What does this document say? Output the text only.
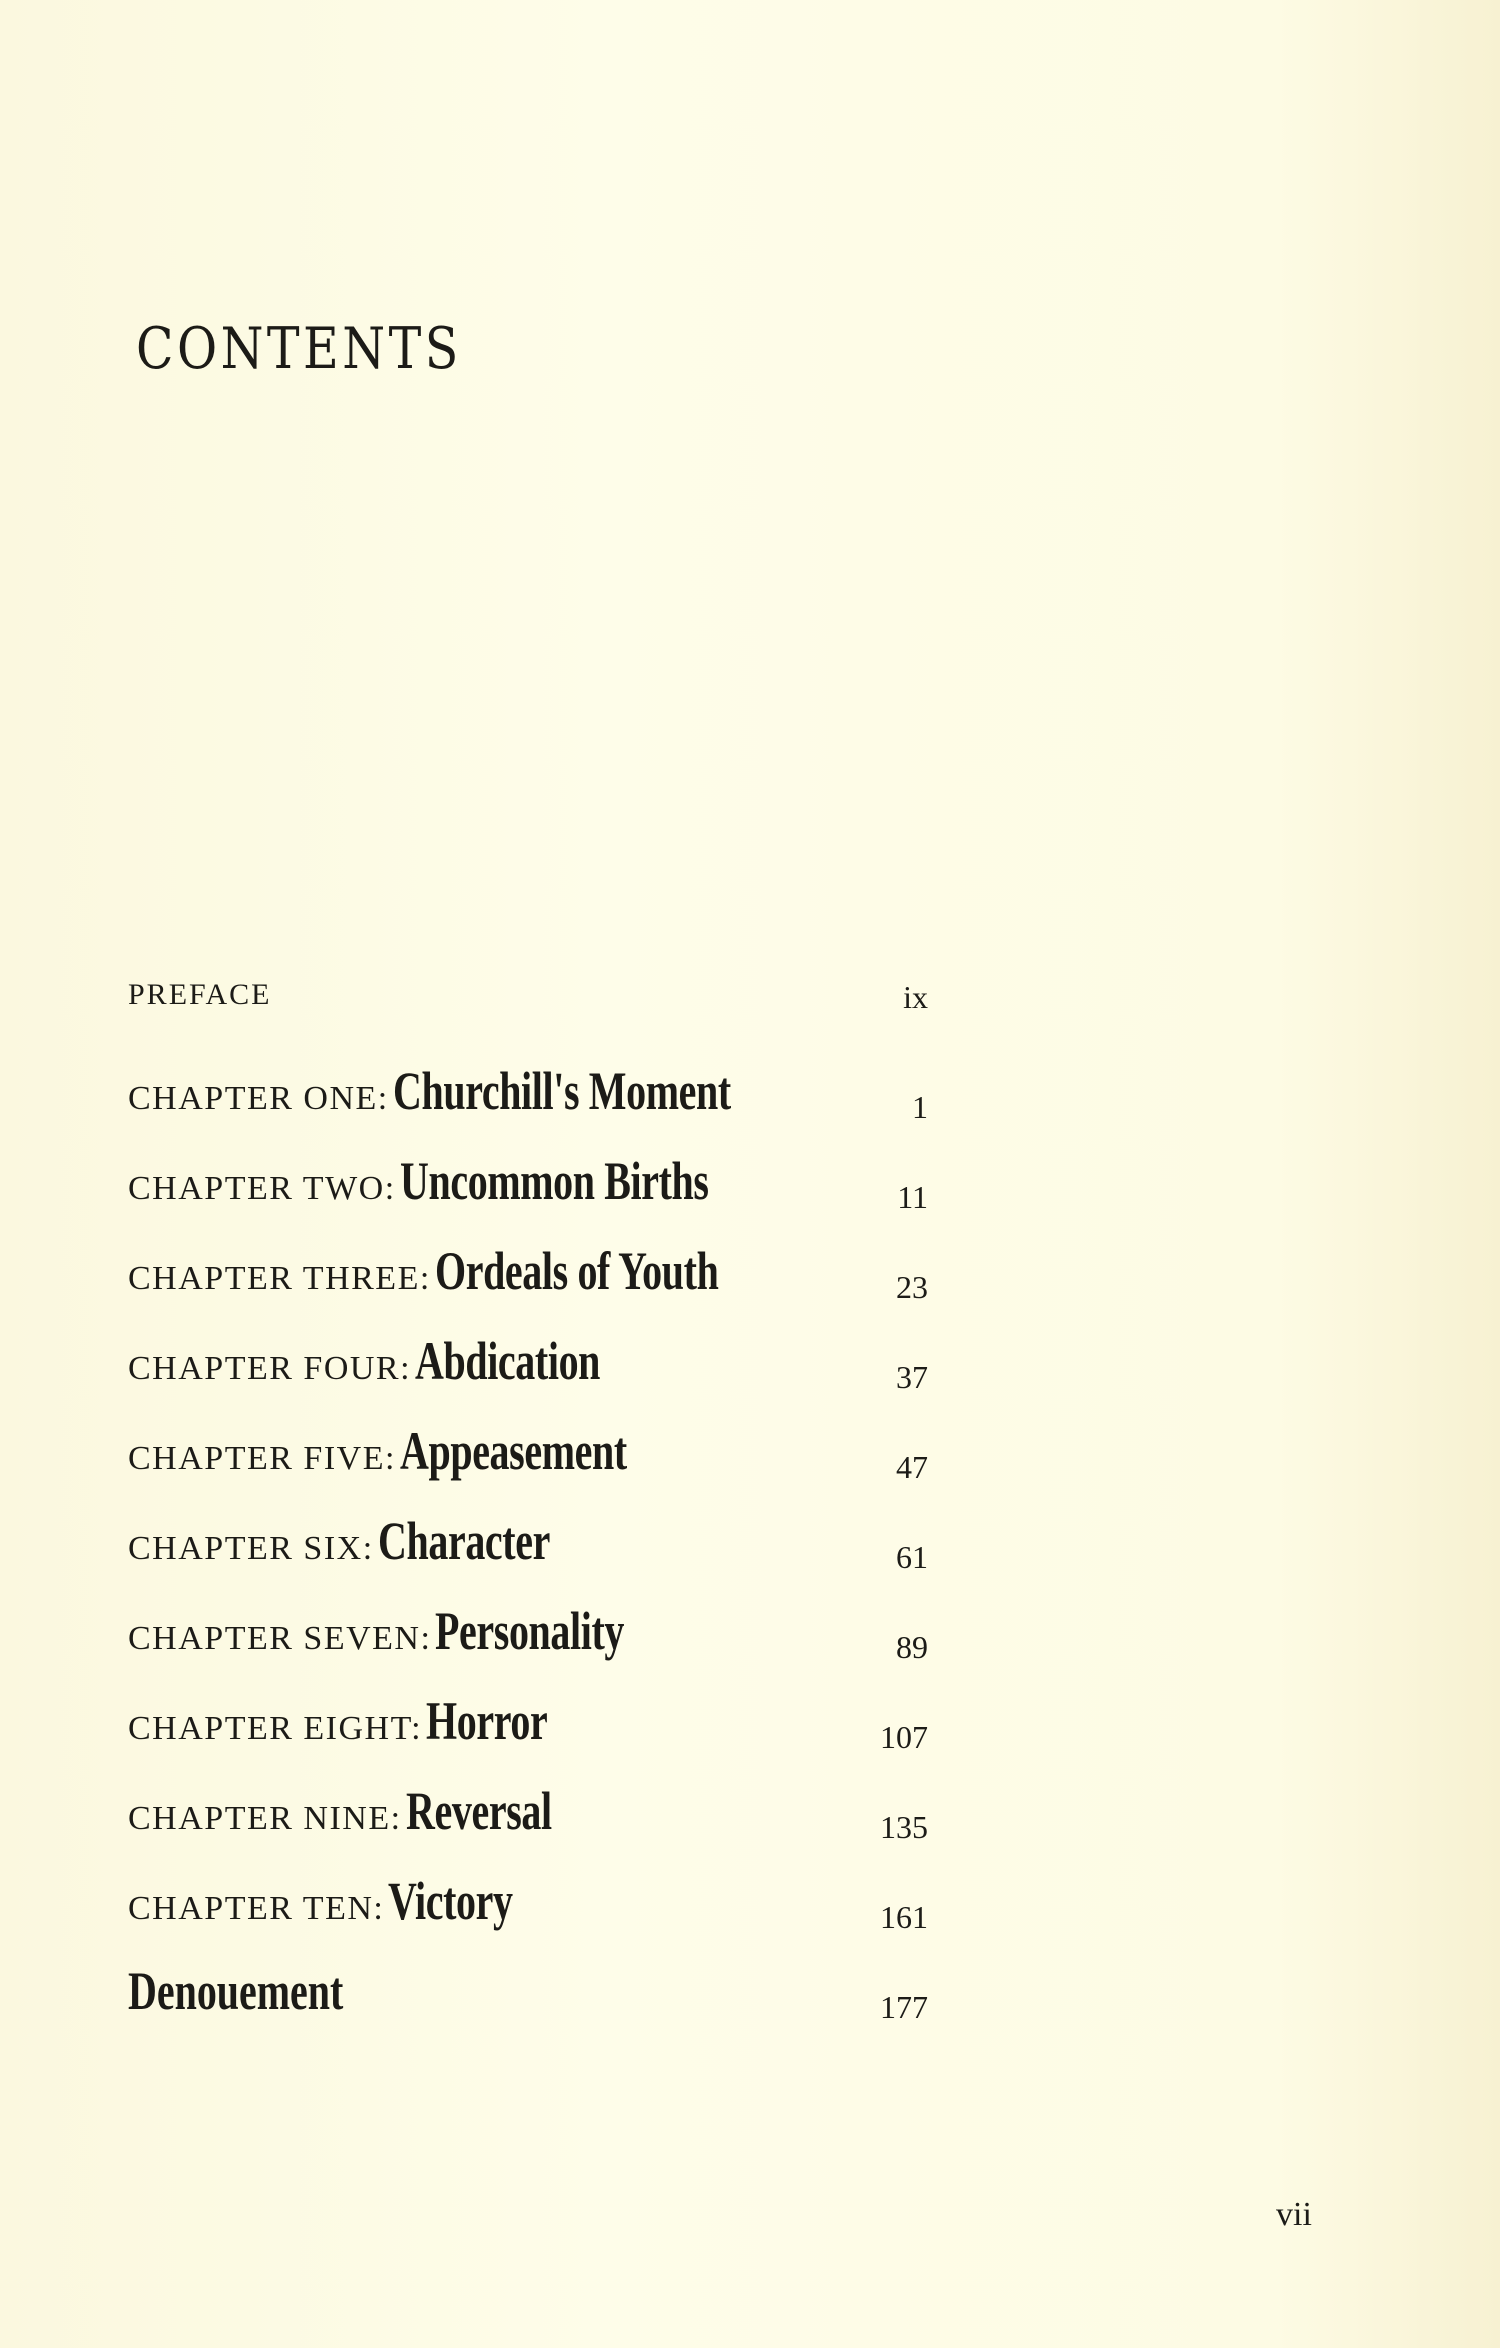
CONTENTS
PREFACE	ix
CHAPTER ONE: Churchill's Moment	1
CHAPTER TWO: Uncommon Births	11
CHAPTER THREE: Ordeals of Youth	23
CHAPTER FOUR: Abdication	37
CHAPTER FIVE: Appeasement	47
CHAPTER SIX: Character	61
CHAPTER SEVEN: Personality	89
CHAPTER EIGHT: Horror	107
CHAPTER NINE: Reversal	135
CHAPTER TEN: Victory	161
Denouement	177
vii
